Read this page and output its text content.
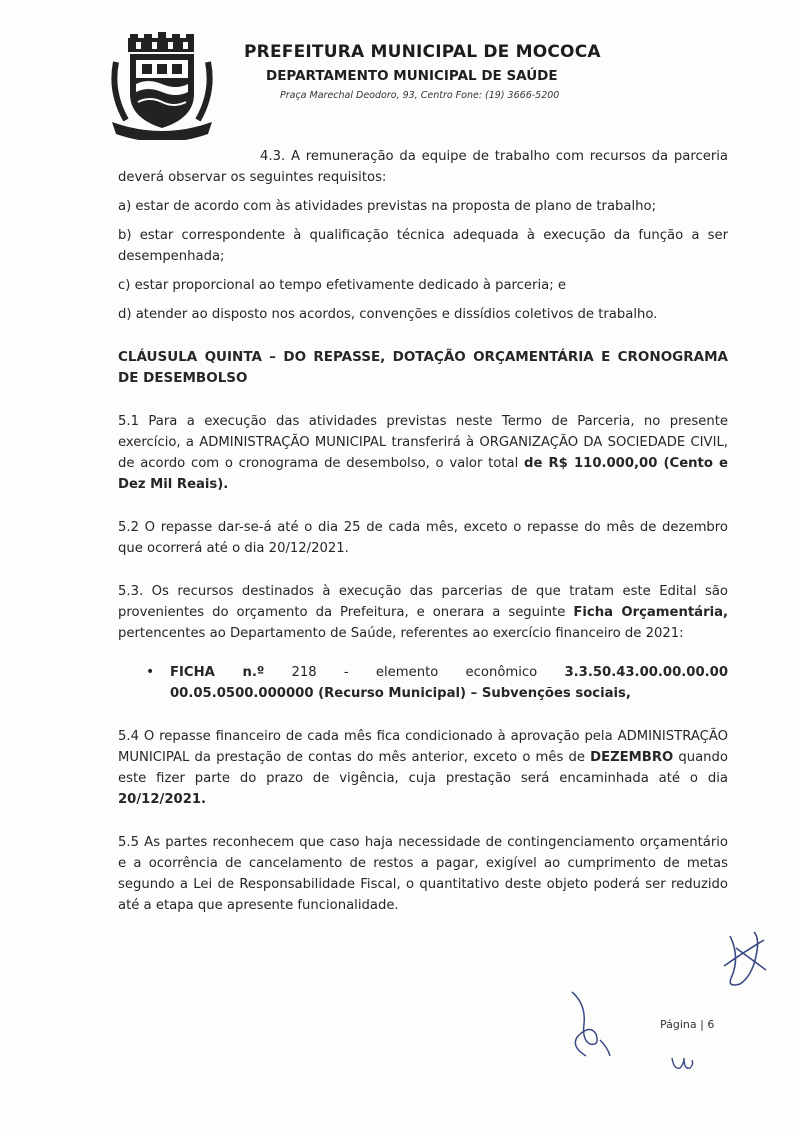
PREFEITURA MUNICIPAL DE MOCOCA
DEPARTAMENTO MUNICIPAL DE SAÚDE
Praça Marechal Deodoro, 93, Centro Fone: (19) 3666-5200

4.3. A remuneração da equipe de trabalho com recursos da parceria deverá observar os seguintes requisitos:

a) estar de acordo com às atividades previstas na proposta de plano de trabalho;

b) estar correspondente à qualificação técnica adequada à execução da função a ser desempenhada;

c) estar proporcional ao tempo efetivamente dedicado à parceria; e

d) atender ao disposto nos acordos, convenções e dissídios coletivos de trabalho.

CLÁUSULA QUINTA – DO REPASSE, DOTAÇÃO ORÇAMENTÁRIA E CRONOGRAMA DE DESEMBOLSO

5.1 Para a execução das atividades previstas neste Termo de Parceria, no presente exercício, a ADMINISTRAÇÃO MUNICIPAL transferirá à ORGANIZAÇÃO DA SOCIEDADE CIVIL, de acordo com o cronograma de desembolso, o valor total de R$ 110.000,00 (Cento e Dez Mil Reais).

5.2 O repasse dar-se-á até o dia 25 de cada mês, exceto o repasse do mês de dezembro que ocorrerá até o dia 20/12/2021.

5.3. Os recursos destinados à execução das parcerias de que tratam este Edital são provenientes do orçamento da Prefeitura, e onerara a seguinte Ficha Orçamentária, pertencentes ao Departamento de Saúde, referentes ao exercício financeiro de 2021:

• FICHA n.º 218 - elemento econômico 3.3.50.43.00.00.00.00 00.05.0500.000000 (Recurso Municipal) – Subvenções sociais,

5.4 O repasse financeiro de cada mês fica condicionado à aprovação pela ADMINISTRAÇÃO MUNICIPAL da prestação de contas do mês anterior, exceto o mês de DEZEMBRO quando este fizer parte do prazo de vigência, cuja prestação será encaminhada até o dia 20/12/2021.

5.5 As partes reconhecem que caso haja necessidade de contingenciamento orçamentário e a ocorrência de cancelamento de restos a pagar, exigível ao cumprimento de metas segundo a Lei de Responsabilidade Fiscal, o quantitativo deste objeto poderá ser reduzido até a etapa que apresente funcionalidade.

Página | 6
